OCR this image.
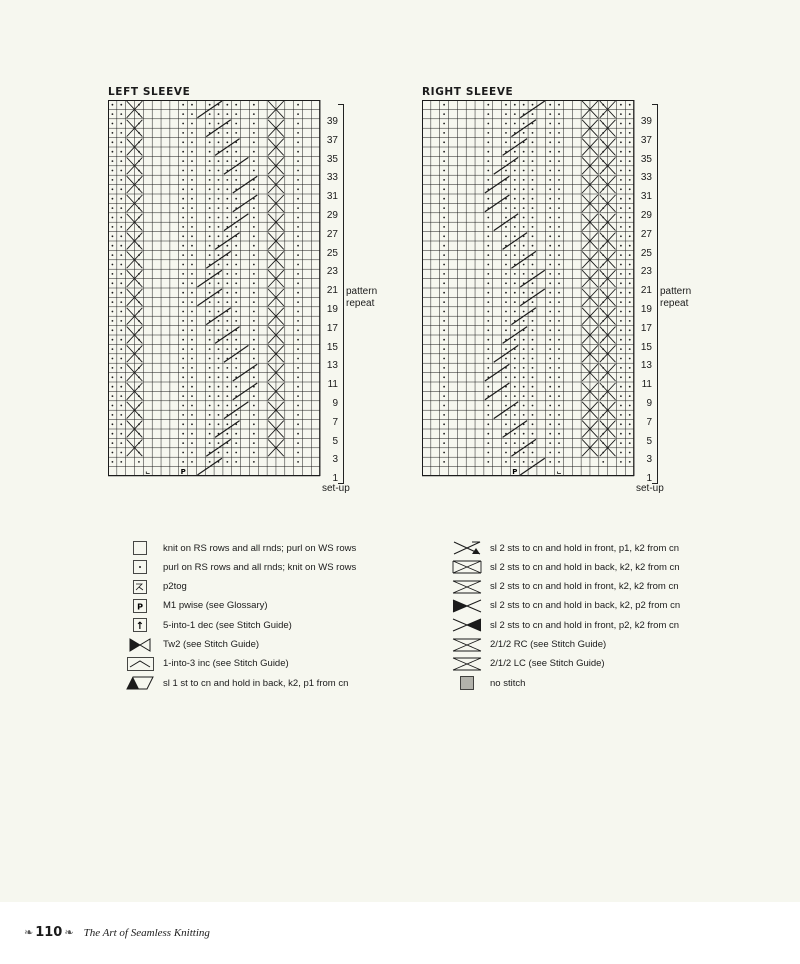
LEFT SLEEVE
⨽	P
39
37
35
33
31
29
27
25
23
21
19
17
15
13
11
9
7
5
3
1
pattern
repeat
set-up
RIGHT SLEEVE
P	⨽
39
37
35
33
31
29
27
25
23
21
19
17
15
13
11
9
7
5
3
1
pattern
repeat
set-up
knit on RS rows and all rnds; purl on WS rows
purl on RS rows and all rnds; knit on WS rows
p2tog
P M1 pwise (see Glossary)
↑ 5-into-1 dec (see Stitch Guide)
Tw2 (see Stitch Guide)
1-into-3 inc (see Stitch Guide)
sl 1 st to cn and hold in back, k2, p1 from cn
sl 2 sts to cn and hold in front, p1, k2 from cn
sl 2 sts to cn and hold in back, k2, k2 from cn
sl 2 sts to cn and hold in front, k2, k2 from cn
sl 2 sts to cn and hold in back, k2, p2 from cn
sl 2 sts to cn and hold in front, p2, k2 from cn
2/1/2 RC (see Stitch Guide)
2/1/2 LC (see Stitch Guide)
no stitch
❧ 110 ❧ The Art of Seamless Knitting
